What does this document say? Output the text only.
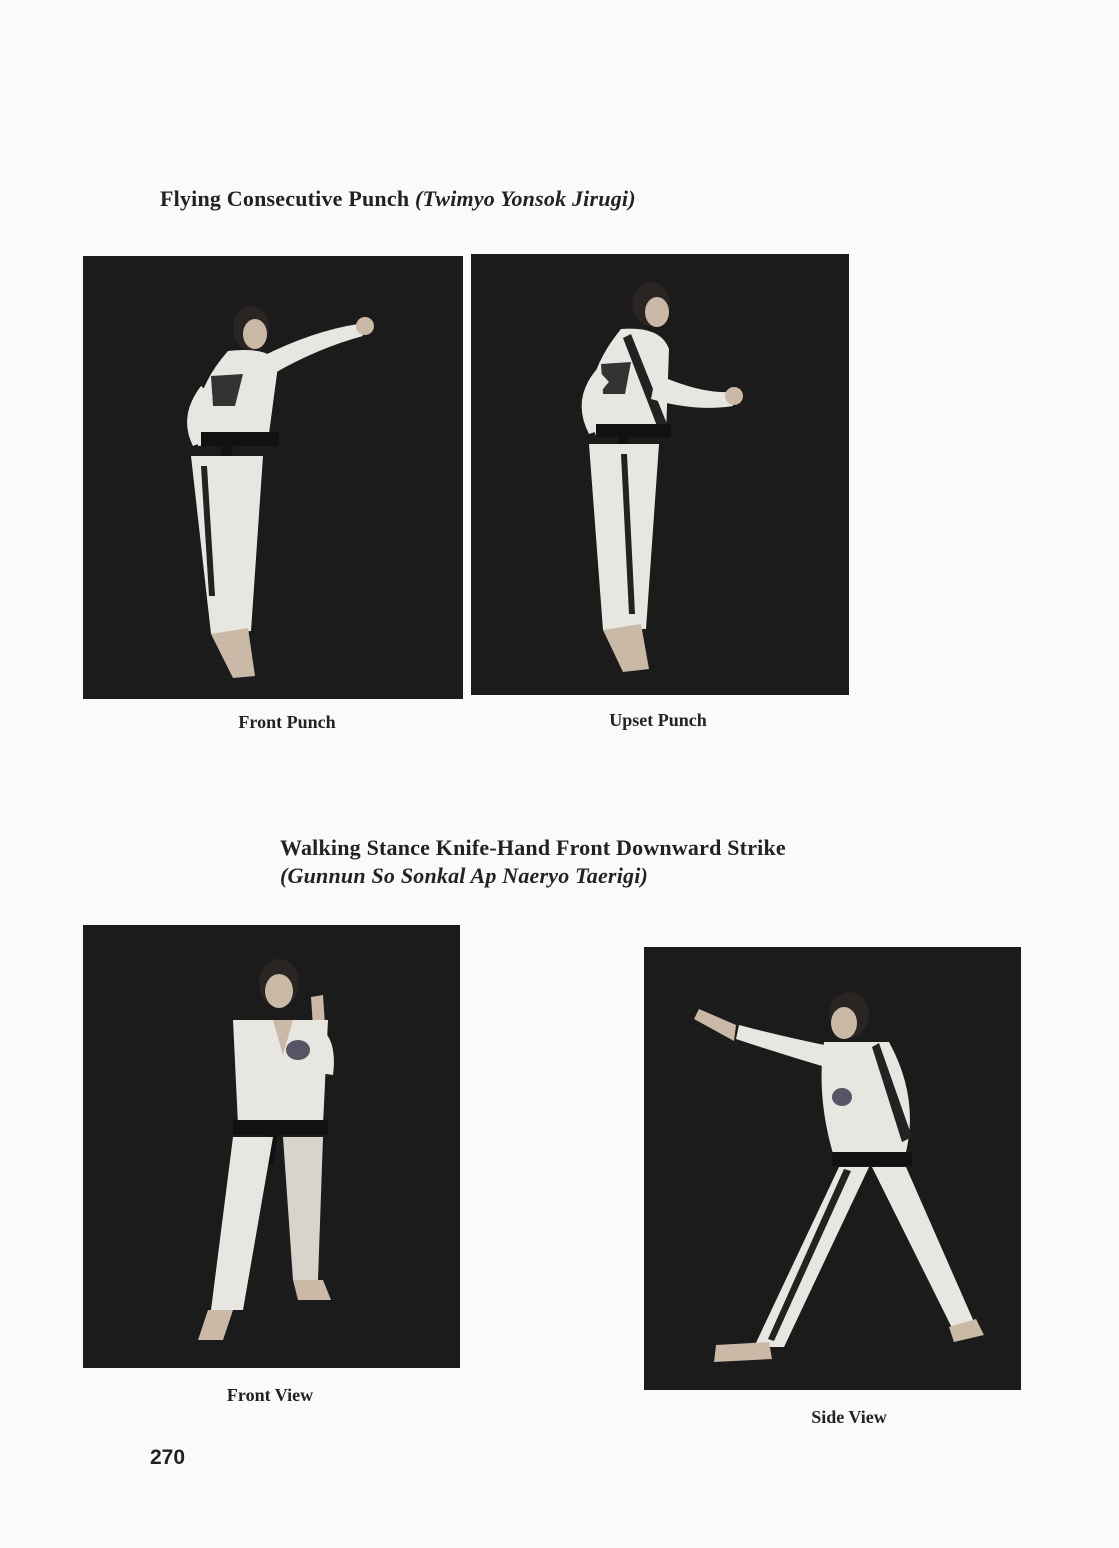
Flying Consecutive Punch (Twimyo Yonsok Jirugi)
Front Punch	Upset Punch
Walking Stance Knife-Hand Front Downward Strike
(Gunnun So Sonkal Ap Naeryo Taerigi)
Front View
Side View
270
